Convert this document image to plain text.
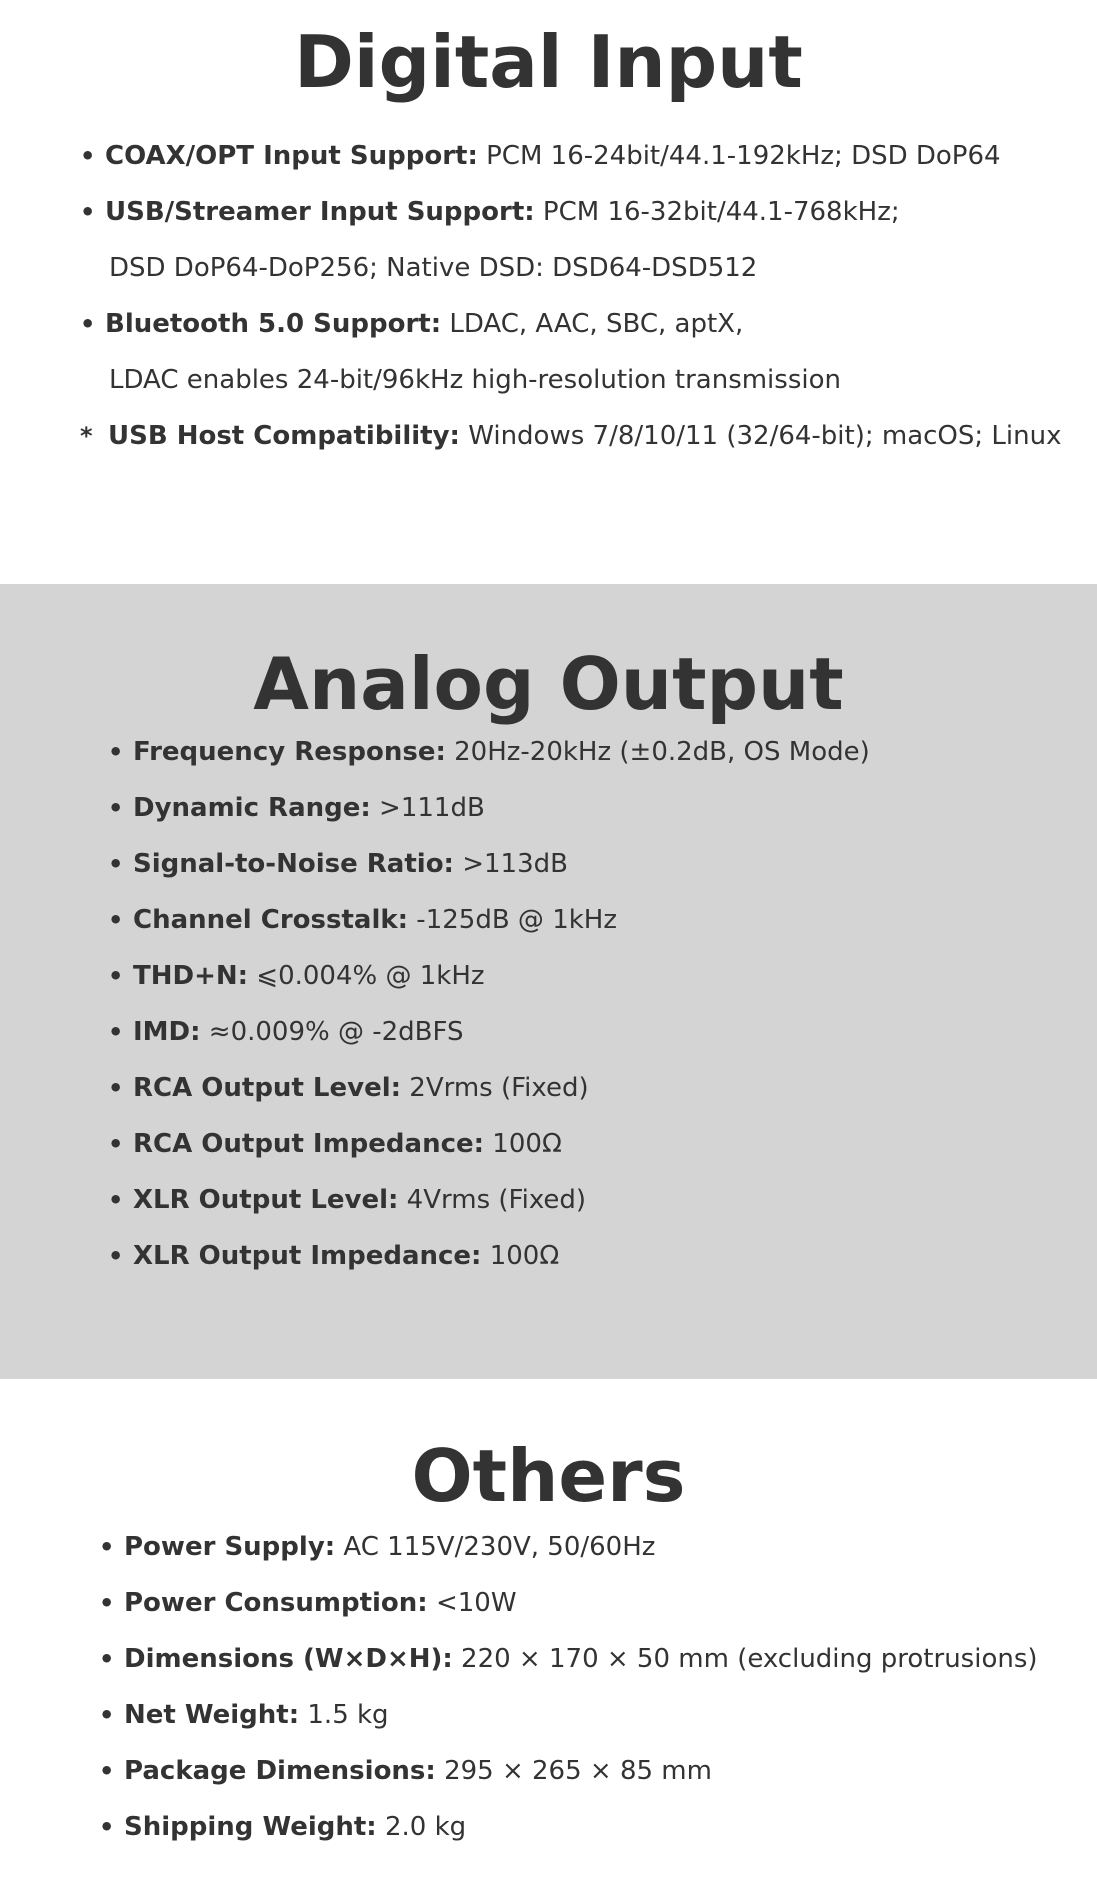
Digital Input
• COAX/OPT Input Support: PCM 16-24bit/44.1-192kHz; DSD DoP64
• USB/Streamer Input Support: PCM 16-32bit/44.1-768kHz;
DSD DoP64-DoP256; Native DSD: DSD64-DSD512
• Bluetooth 5.0 Support: LDAC, AAC, SBC, aptX,
LDAC enables 24-bit/96kHz high-resolution transmission
* USB Host Compatibility: Windows 7/8/10/11 (32/64-bit); macOS; Linux
Analog Output
• Frequency Response: 20Hz-20kHz (±0.2dB, OS Mode)
• Dynamic Range: >111dB
• Signal-to-Noise Ratio: >113dB
• Channel Crosstalk: -125dB @ 1kHz
• THD+N: ⩽0.004% @ 1kHz
• IMD: ≈0.009% @ -2dBFS
• RCA Output Level: 2Vrms (Fixed)
• RCA Output Impedance: 100Ω
• XLR Output Level: 4Vrms (Fixed)
• XLR Output Impedance: 100Ω
Others
• Power Supply: AC 115V/230V, 50/60Hz
• Power Consumption: <10W
• Dimensions (W×D×H): 220 × 170 × 50 mm (excluding protrusions)
• Net Weight: 1.5 kg
• Package Dimensions: 295 × 265 × 85 mm
• Shipping Weight: 2.0 kg
